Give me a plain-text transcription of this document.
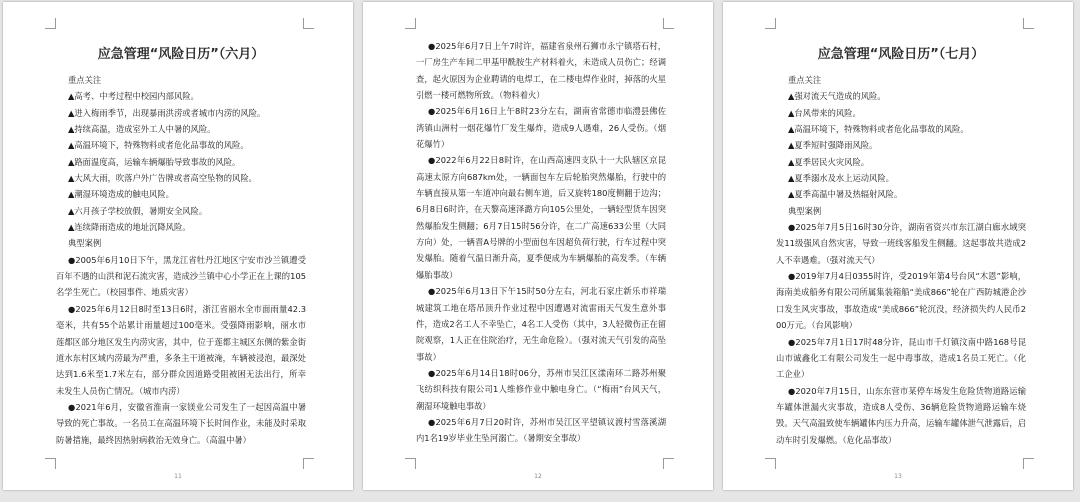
应急管理“风险日历”（六月）

重点关注

▲高考、中考过程中校园内部风险。

▲进入梅雨季节，出现暴雨洪涝或者城市内涝的风险。

▲持续高温，造成室外工人中暑的风险。

▲高温环境下，特殊物料或者危化品事故的风险。

▲路面温度高，运输车辆爆胎导致事故的风险。

▲大风大雨，吹落户外广告牌或者高空坠物的风险。

▲潮湿环境造成的触电风险。

▲六月孩子学校放假，暑期安全风险。

▲连续降雨造成的地址沉降风险。

典型案例

●2005年6月10日下午，黑龙江省牡丹江地区宁安市沙兰镇遭受百年不遇的山洪和泥石流灾害，造成沙兰镇中心小学正在上课的105名学生死亡。（校园事件、地质灾害）

●2025年6月12日8时至13日6时，浙江省丽水全市面雨量42.3毫米，共有55个站累计雨量超过100毫米。受强降雨影响，丽水市莲都区部分地区发生内涝灾害，其中，位于莲都主城区东侧的紫金街道水东村区域内涝最为严重，多条主干道被淹，车辆被浸泡，最深处达到1.6米至1.7米左右，部分群众因道路受阻被困无法出行，所幸未发生人员伤亡情况。（城市内涝）

●2021年6月，安徽省淮南一家镁业公司发生了一起因高温中暑导致的死亡事故。一名员工在高温环境下长时间作业，未能及时采取防暑措施，最终因热射病救治无效身亡。（高温中暑）

11

●2025年6月7日上午7时许，福建省泉州石狮市永宁镇塔石村，一厂房生产车间二甲基甲酰胺生产材料着火，未造成人员伤亡；经调查，起火原因为企业聘请的电焊工，在二楼电焊作业时，掉落的火星引燃一楼可燃物所致。（物料着火）

●2025年6月16日上午8时23分左右，湖南省常德市临澧县佛佐湾镇山洲村一烟花爆竹厂发生爆炸，造成9人遇难，26人受伤。（烟花爆竹）

●2022年6月22日8时许，在山西高速四支队十一大队辖区京昆高速太原方向687km处，一辆面包车左后轮胎突然爆胎，行驶中的车辆直接从第一车道冲向最右侧车道，后又旋转180度侧翻于边沟；6月8日6时许，在天黎高速泽潞方向105公里处，一辆轻型货车因突然爆胎发生侧翻；6月7日15时56分许，在二广高速633公里（大同方向）处，一辆晋A号牌的小型面包车因超负荷行驶，行车过程中突发爆胎。随着气温日渐升高，夏季便成为车辆爆胎的高发季。（车辆爆胎事故）

●2025年6月13日下午15时50分左右，河北石家庄新乐市祥瑞城建筑工地在塔吊顶升作业过程中因遭遇对流雷雨天气发生意外事件，造成2名工人不幸坠亡，4名工人受伤（其中，3人轻微伤正在留院观察，1人正在住院治疗，无生命危险）。（强对流天气引发的高坠事故）

●2025年6月14日18时06分，苏州市吴江区漾南环二路苏州聚飞纺织科技有限公司1人维修作业中触电身亡。（“梅雨”台风天气，潮湿环境触电事故）

●2025年6月7日20时许，苏州市吴江区平望镇议渡村雪落溪湖内1名19岁毕业生坠河溺亡。（暑期安全事故）

12
应急管理“风险日历”（七月）

重点关注

▲强对流天气造成的风险。

▲台风带来的风险。

▲高温环境下，特殊物料或者危化品事故的风险。

▲夏季短时强降雨风险。

▲夏季居民火灾风险。

▲夏季溺水及水上运动风险。

▲夏季高温中暑及热辐射风险。

典型案例

●2025年7月5日16时30分许，湖南省资兴市东江湖白廊水域突发11级强风自然灾害，导致一班线客船发生侧翻。这起事故共造成2人不幸遇难。（强对流天气）

●2019年7月4日0355时许，受2019年第4号台风“木恩”影响，海南美成船务有限公司所属集装箱船“美成866”轮在广西防城港企沙口发生风灾事故，事故造成“美成866”轮沉没，经济损失约人民币200万元。（台风影响）

●2025年7月1日17时48分许，昆山市千灯镇汶南中路168号昆山市诚鑫化工有限公司发生一起中毒事故，造成1名员工死亡。（化工企业）

●2020年7月15日，山东东营市某停车场发生危险货物道路运输车罐体泄漏火灾事故，造成8人受伤、36辆危险货物道路运输车烧毁。天气高温致使车辆罐体内压力升高，运输车罐体泄气泄露后，启动车时引发爆燃。（危化品事故）

13
